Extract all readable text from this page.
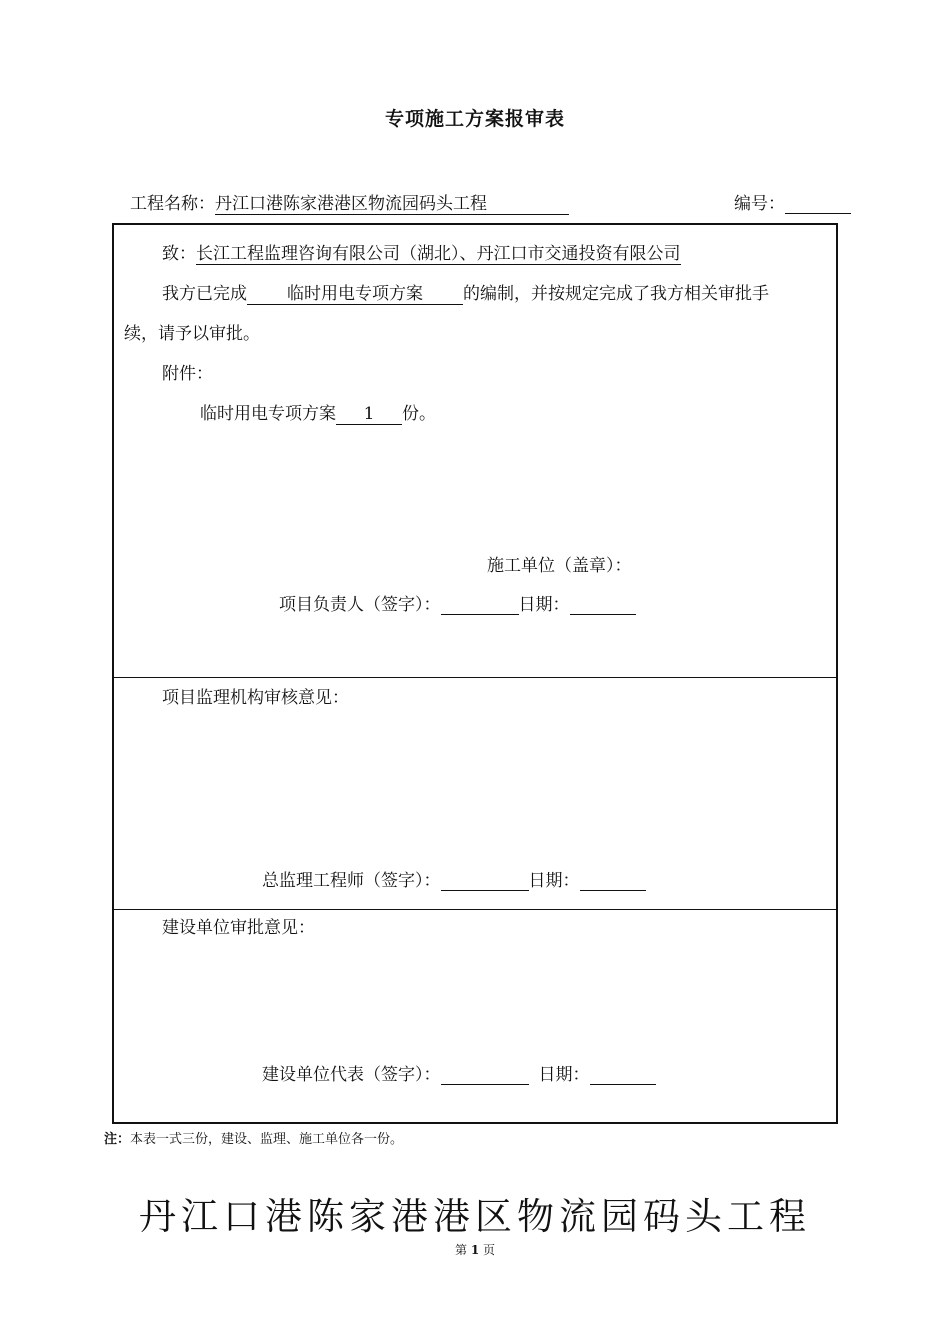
专项施工方案报审表
工程名称：丹江口港陈家港港区物流园码头工程	编号：
致：长江工程监理咨询有限公司（湖北）、丹江口市交通投资有限公司
我方已完成 临时用电专项方案 的编制，并按规定完成了我方相关审批手
续，请予以审批。
附件：
临时用电专项方案 1 份。
施工单位（盖章）：
项目负责人（签字）：	日期：
项目监理机构审核意见：
总监理工程师（签字）：	日期：
建设单位审批意见：
建设单位代表（签字）：	日期：
注：本表一式三份，建设、监理、施工单位各一份。
丹江口港陈家港港区物流园码头工程
第 1 页
